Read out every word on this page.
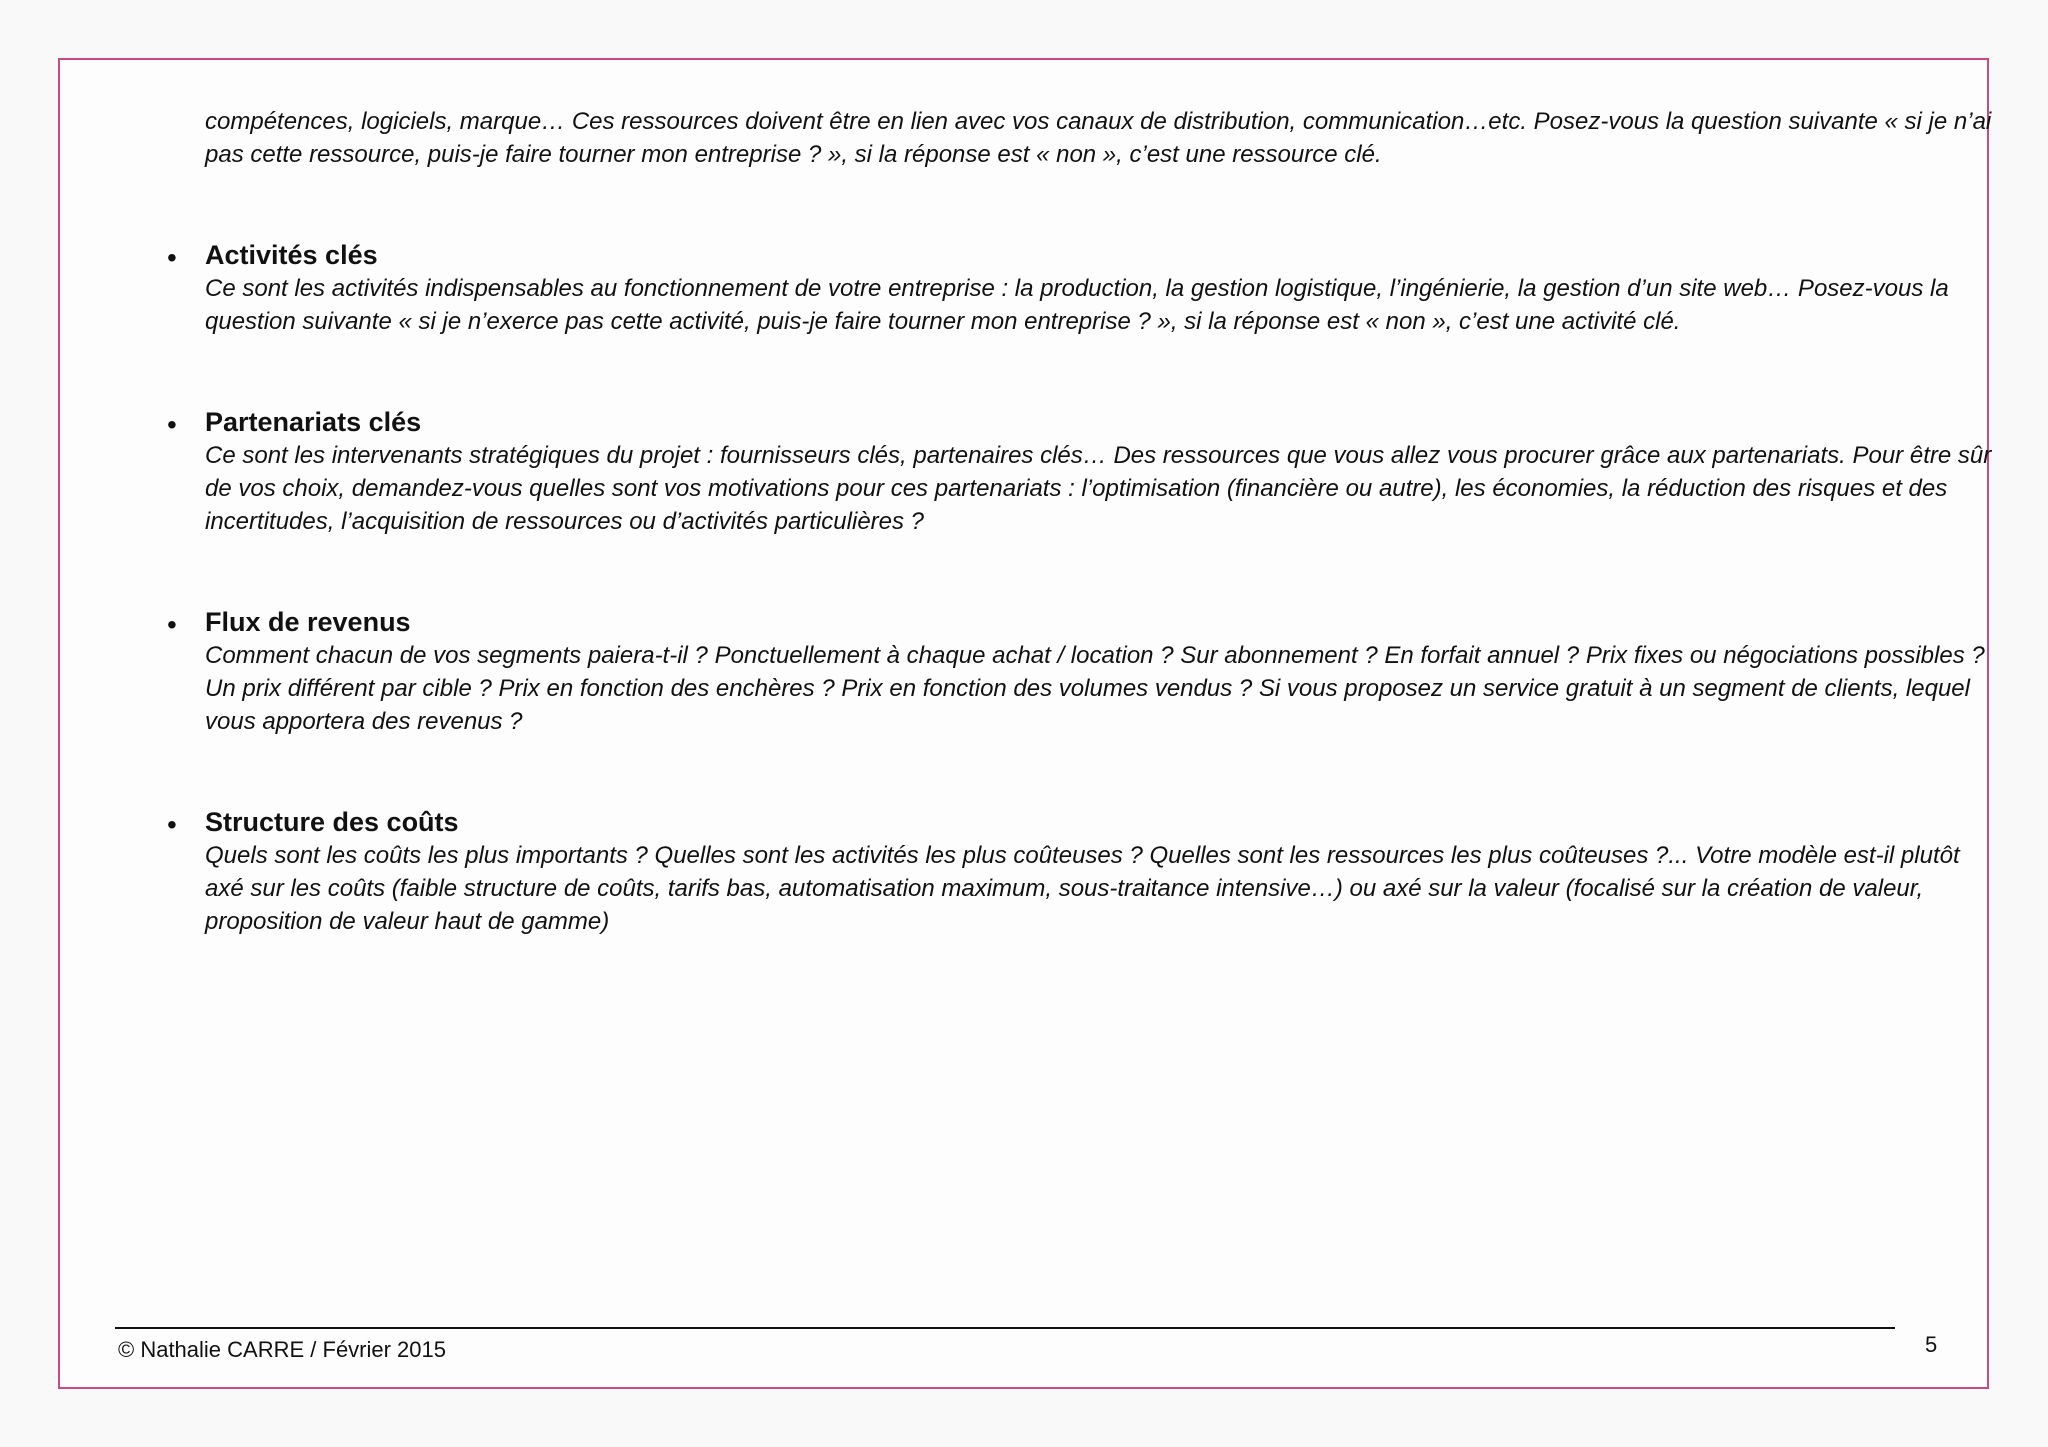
compétences, logiciels, marque… Ces ressources doivent être en lien avec vos canaux de distribution, communication…etc. Posez-vous la question suivante « si je n’ai pas cette ressource, puis-je faire tourner mon entreprise ? », si la réponse est « non », c’est une ressource clé.

• Activités clés

Ce sont les activités indispensables au fonctionnement de votre entreprise : la production, la gestion logistique, l’ingénierie, la gestion d’un site web… Posez-vous la question suivante « si je n’exerce pas cette activité, puis-je faire tourner mon entreprise ? », si la réponse est « non », c’est une activité clé.

• Partenariats clés

Ce sont les intervenants stratégiques du projet : fournisseurs clés, partenaires clés… Des ressources que vous allez vous procurer grâce aux partenariats. Pour être sûr de vos choix, demandez-vous quelles sont vos motivations pour ces partenariats : l’optimisation (financière ou autre), les économies, la réduction des risques et des incertitudes, l’acquisition de ressources ou d’activités particulières ?

• Flux de revenus

Comment chacun de vos segments paiera-t-il ? Ponctuellement à chaque achat / location ? Sur abonnement ? En forfait annuel ? Prix fixes ou négociations possibles ? Un prix différent par cible ? Prix en fonction des enchères ? Prix en fonction des volumes vendus ? Si vous proposez un service gratuit à un segment de clients, lequel vous apportera des revenus ?

• Structure des coûts

Quels sont les coûts les plus importants ? Quelles sont les activités les plus coûteuses ? Quelles sont les ressources les plus coûteuses ?... Votre modèle est-il plutôt axé sur les coûts (faible structure de coûts, tarifs bas, automatisation maximum, sous-traitance intensive…) ou axé sur la valeur (focalisé sur la création de valeur, proposition de valeur haut de gamme)

© Nathalie CARRE / Février 2015	5
